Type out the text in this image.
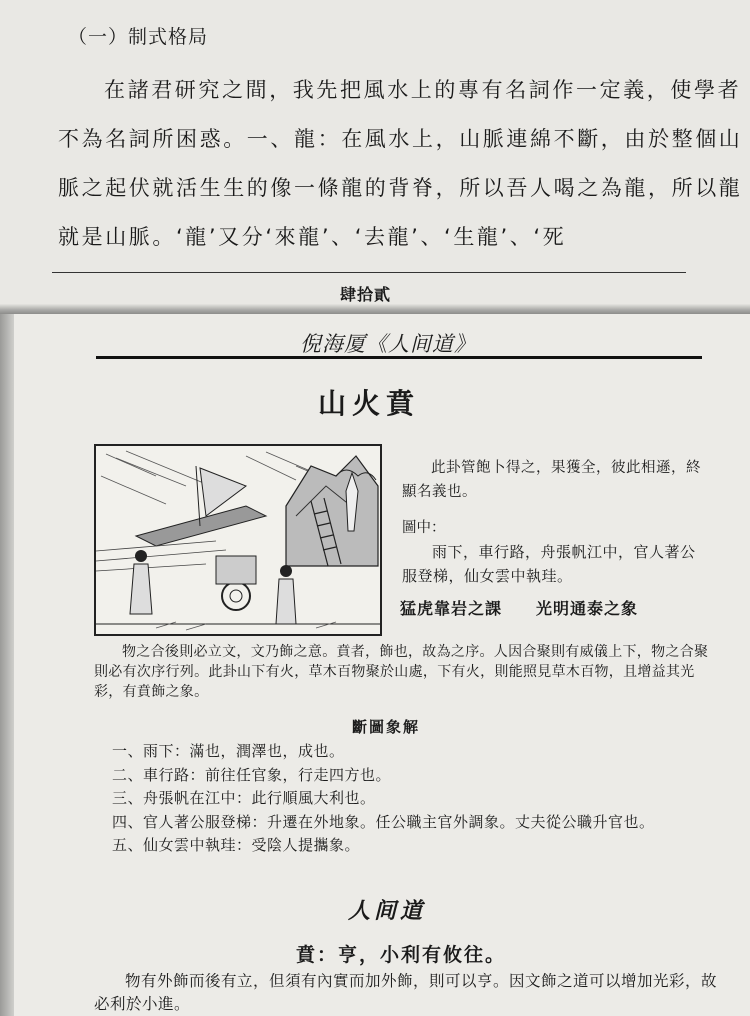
（一）制式格局
在諸君研究之間，我先把風水上的專有名詞作一定義，使學者
不為名詞所困惑。一、龍：在風水上，山脈連綿不斷，由於整個山
脈之起伏就活生生的像一條龍的背脊，所以吾人喝之為龍，所以龍
就是山脈。‘龍’又分‘來龍’、‘去龍’、‘生龍’、‘死
肆拾貳
倪海厦《人间道》
山火賁
此卦管飽卜得之，果獲全，彼此相遜，終顯名義也。
圖中：
雨下，車行路，舟張帆江中，官人著公服登梯，仙女雲中執珪。
猛虎靠岩之課 光明通泰之象
物之合後則必立文，文乃飾之意。賁者，飾也，故為之序。人因合聚則有威儀上下，物之合聚則必有次序行列。此卦山下有火，草木百物聚於山處，下有火，則能照見草木百物，且增益其光彩，有賁飾之象。
斷圖象解
一、雨下：滿也，潤澤也，成也。
二、車行路：前往任官象，行走四方也。
三、舟張帆在江中：此行順風大利也。
四、官人著公服登梯：升遷在外地象。任公職主官外調象。丈夫從公職升官也。
五、仙女雲中執珪：受陰人提攜象。
人间道
賁：亨，小利有攸往。
物有外飾而後有立，但須有內實而加外飾，則可以亨。因文飾之道可以增加光彩，故必利於小進。
